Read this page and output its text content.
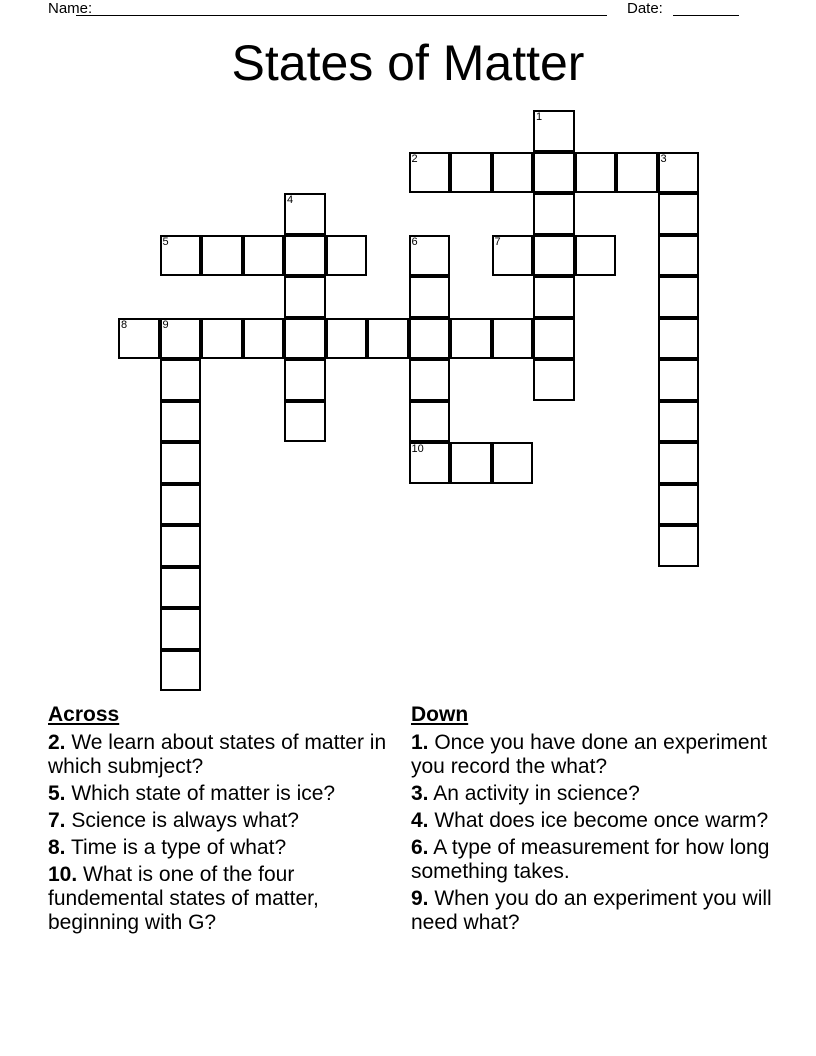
Name:	Date:
States of Matter
1
2	3
4
5	6
10
7
8	9
Across
2. We learn about states of matter in which submject?
5. Which state of matter is ice?
7. Science is always what?
8. Time is a type of what?
10. What is one of the four fundemental states of matter, beginning with G?
Down
1. Once you have done an experiment you record the what?
3. An activity in science?
4. What does ice become once warm?
6. A type of measurement for how long something takes.
9. When you do an experiment you will need what?
